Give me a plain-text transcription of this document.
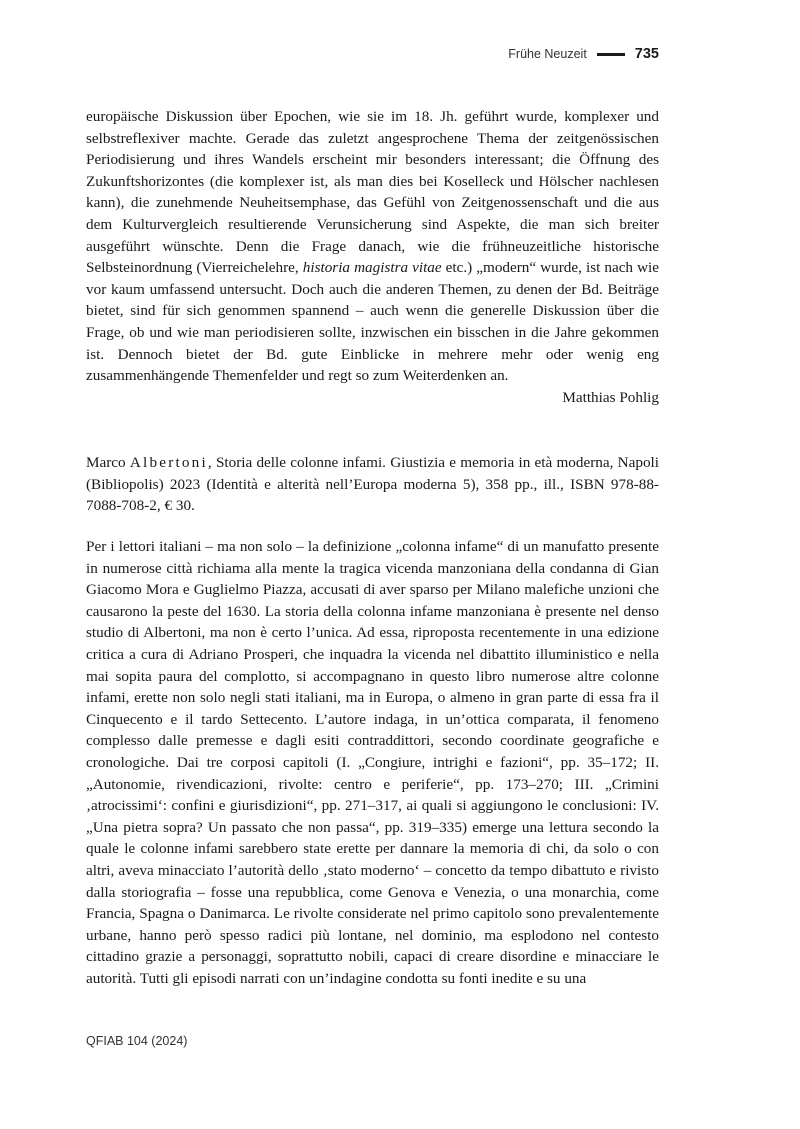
Frühe Neuzeit	735

europäische Diskussion über Epochen, wie sie im 18. Jh. geführt wurde, komplexer und selbstreflexiver machte. Gerade das zuletzt angesprochene Thema der zeitgenössischen Periodisierung und ihres Wandels erscheint mir besonders interessant; die Öffnung des Zukunftshorizontes (die komplexer ist, als man dies bei Koselleck und Hölscher nachlesen kann), die zunehmende Neuheitsemphase, das Gefühl von Zeitgenossenschaft und die aus dem Kulturvergleich resultierende Verunsicherung sind Aspekte, die man sich breiter ausgeführt wünschte. Denn die Frage danach, wie die frühneuzeitliche historische Selbsteinordnung (Vierreichelehre, historia magistra vitae etc.) „modern“ wurde, ist nach wie vor kaum umfassend untersucht. Doch auch die anderen Themen, zu denen der Bd. Beiträge bietet, sind für sich genommen spannend – auch wenn die generelle Diskussion über die Frage, ob und wie man periodisieren sollte, inzwischen ein bisschen in die Jahre gekommen ist. Dennoch bietet der Bd. gute Einblicke in mehrere mehr oder wenig eng zusammenhängende Themenfelder und regt so zum Weiterdenken an.

Matthias Pohlig

Marco Albertoni, Storia delle colonne infami. Giustizia e memoria in età moderna, Napoli (Bibliopolis) 2023 (Identità e alterità nell’Europa moderna 5), 358 pp., ill., ISBN 978-88-7088-708-2, € 30.

Per i lettori italiani – ma non solo – la definizione „colonna infame“ di un manufatto presente in numerose città richiama alla mente la tragica vicenda manzoniana della condanna di Gian Giacomo Mora e Guglielmo Piazza, accusati di aver sparso per Milano malefiche unzioni che causarono la peste del 1630. La storia della colonna infame manzoniana è presente nel denso studio di Albertoni, ma non è certo l’unica. Ad essa, riproposta recentemente in una edizione critica a cura di Adriano Prosperi, che inquadra la vicenda nel dibattito illuministico e nella mai sopita paura del complotto, si accompagnano in questo libro numerose altre colonne infami, erette non solo negli stati italiani, ma in Europa, o almeno in gran parte di essa fra il Cinquecento e il tardo Settecento. L’autore indaga, in un’ottica comparata, il fenomeno complesso dalle premesse e dagli esiti contraddittori, secondo coordinate geografiche e cronologiche. Dai tre corposi capitoli (I. „Congiure, intrighi e fazioni“, pp. 35–172; II. „Autonomie, rivendicazioni, rivolte: centro e periferie“, pp. 173–270; III. „Crimini ‚atrocissimi‘: confini e giurisdizioni“, pp. 271–317, ai quali si aggiungono le conclusioni: IV. „Una pietra sopra? Un passato che non passa“, pp. 319–335) emerge una lettura secondo la quale le colonne infami sarebbero state erette per dannare la memoria di chi, da solo o con altri, aveva minacciato l’autorità dello ‚stato moderno‘ – concetto da tempo dibattuto e rivisto dalla storiografia – fosse una repubblica, come Genova e Venezia, o una monarchia, come Francia, Spagna o Danimarca. Le rivolte considerate nel primo capitolo sono prevalentemente urbane, hanno però spesso radici più lontane, nel dominio, ma esplodono nel contesto cittadino grazie a personaggi, soprattutto nobili, capaci di creare disordine e minacciare le autorità. Tutti gli episodi narrati con un’indagine condotta su fonti inedite e su una

QFIAB 104 (2024)
